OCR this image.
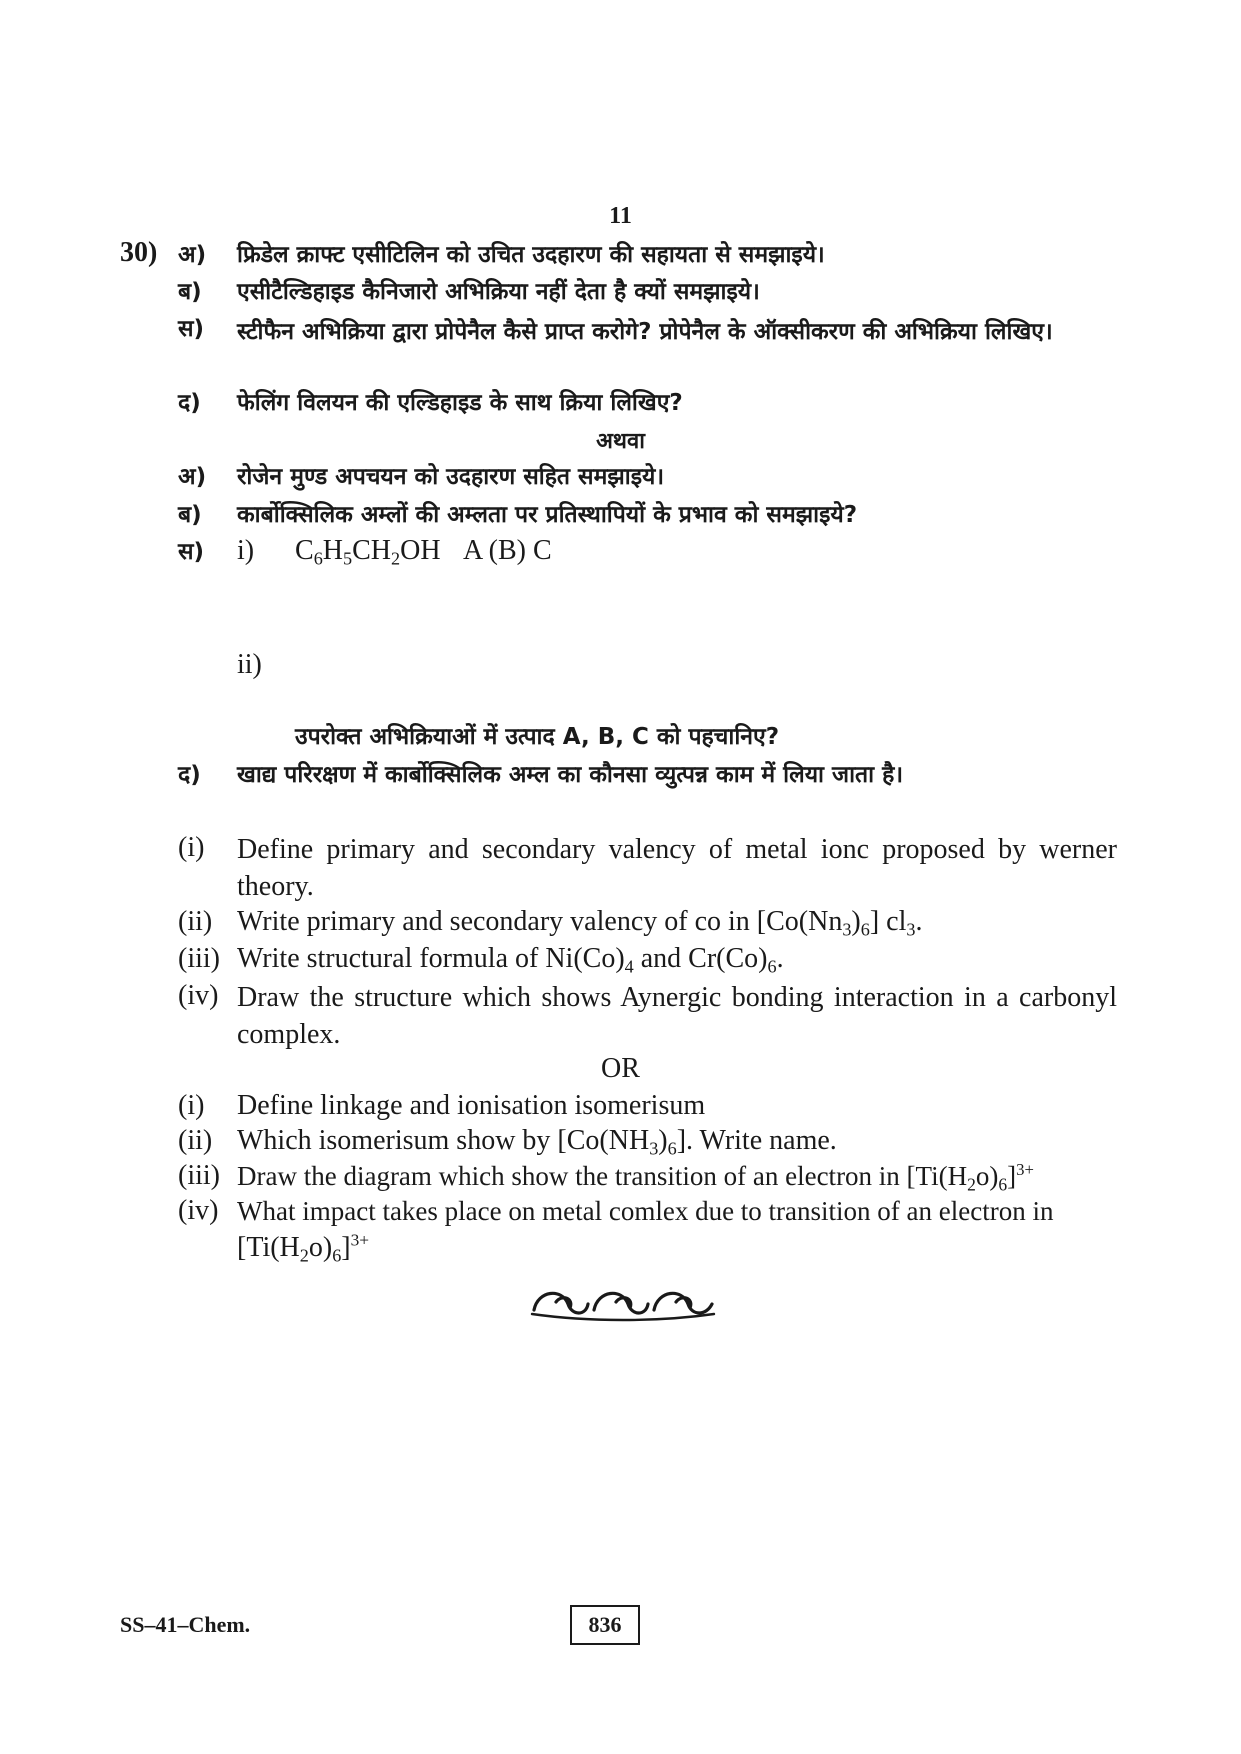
11
30) अ) फ्रिडेल क्राफ्ट एसीटिलिन को उचित उदहारण की सहायता से समझाइये।
ब) एसीटैल्डिहाइड कैनिजारो अभिक्रिया नहीं देता है क्यों समझाइये।
स) स्टीफैन अभिक्रिया द्वारा प्रोपेनैल कैसे प्राप्त करोगे? प्रोपेनैल के ऑक्सीकरण की अभिक्रिया लिखिए।
द) फेलिंग विलयन की एल्डिहाइड के साथ क्रिया लिखिए?
अथवा
अ) रोजेन मुण्ड अपचयन को उदहारण सहित समझाइये।
ब) कार्बोक्सिलिक अम्लों की अम्लता पर प्रतिस्थापियों के प्रभाव को समझाइये?
स) i) $C_6H_5CH_2OH$ A (B) C
ii)
उपरोक्त अभिक्रियाओं में उत्पाद A, B, C को पहचानिए?
द) खाद्य परिरक्षण में कार्बोक्सिलिक अम्ल का कौनसा व्युत्पन्न काम में लिया जाता है।
(i) Define primary and secondary valency of metal ionc proposed by werner theory.
(ii) Write primary and secondary valency of co in $[Co(Nn_3)_6]$ $cl_3$.
(iii) Write structural formula of $Ni(Co)_4$ and $Cr(Co)_6$.
(iv) Draw the structure which shows Aynergic bonding interaction in a carbonyl complex.
OR
(i) Define linkage and ionisation isomerisum
(ii) Which isomerisum show by $[Co(NH_3)_6]$. Write name.
(iii) Draw the diagram which show the transition of an electron in $[Ti(H_2o)_6]^{3+}$
(iv) What impact takes place on metal comlex due to transition of an electron in
$[Ti(H_2o)_6]^{3+}$
SS–41–Chem.	836
